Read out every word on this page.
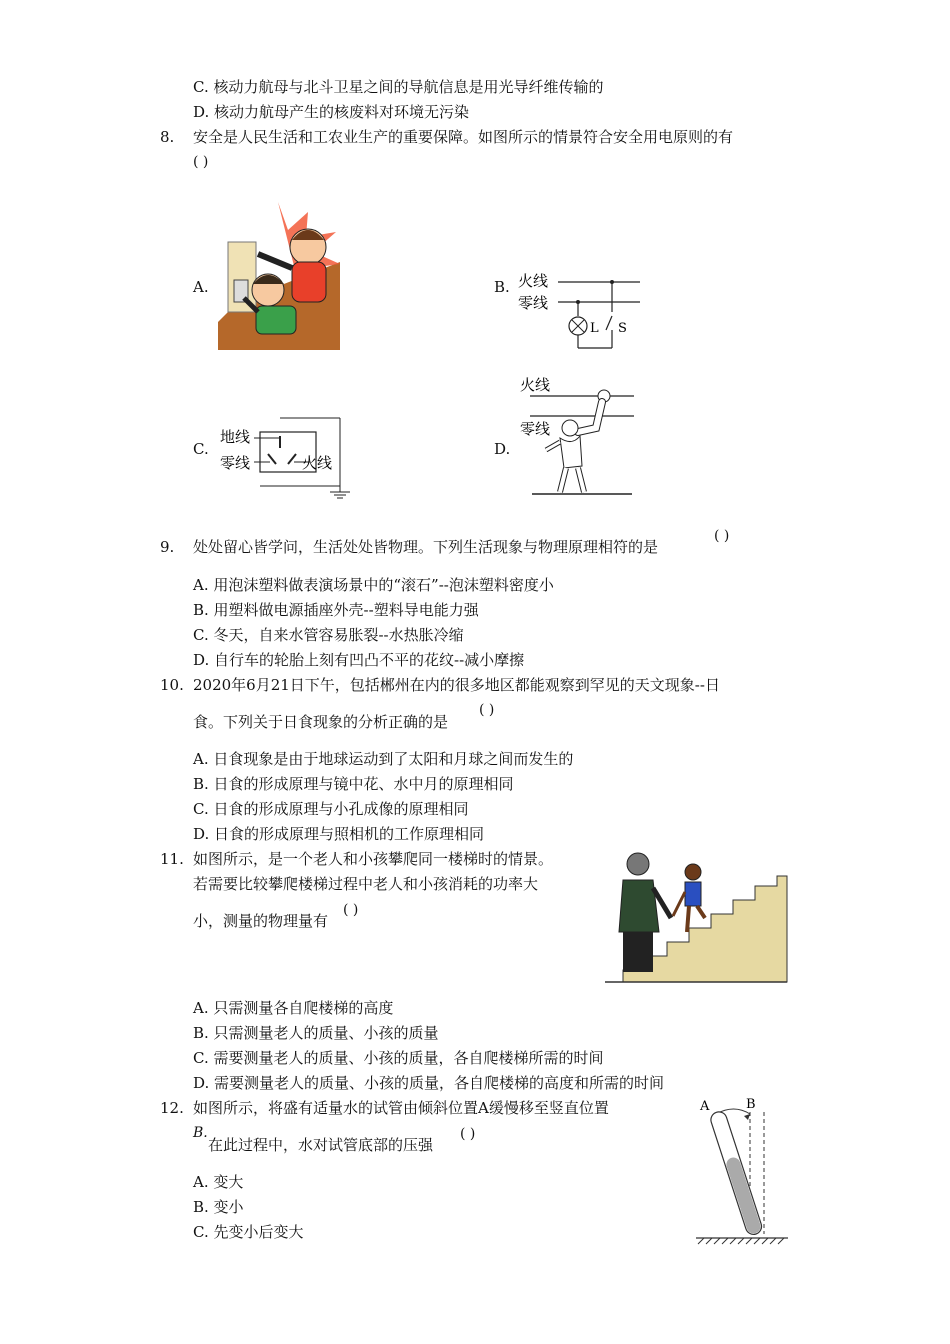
C. 核动力航母与北斗卫星之间的导航信息是用光导纤维传输的
D. 核动力航母产生的核废料对环境无污染
8. 安全是人民生活和工农业生产的重要保障。如图所示的情景符合安全用电原则的有
( )
A.	B. 火线
零线
L S
C.
地线
零线	火线
D.
火线
零线
9. 处处留心皆学问，生活处处皆物理。下列生活现象与物理原理相符的是
( )
A. 用泡沫塑料做表演场景中的“滚石”--泡沫塑料密度小
B. 用塑料做电源插座外壳--塑料导电能力强
C. 冬天，自来水管容易胀裂--水热胀冷缩
D. 自行车的轮胎上刻有凹凸不平的花纹--减小摩擦
10. 2020年6月21日下午，包括郴州在内的很多地区都能观察到罕见的天文现象--日
食。下列关于日食现象的分析正确的是
( )
A. 日食现象是由于地球运动到了太阳和月球之间而发生的
B. 日食的形成原理与镜中花、水中月的原理相同
C. 日食的形成原理与小孔成像的原理相同
D. 日食的形成原理与照相机的工作原理相同
11. 如图所示，是一个老人和小孩攀爬同一楼梯时的情景。
若需要比较攀爬楼梯过程中老人和小孩消耗的功率大
小，测量的物理量有
( )
A. 只需测量各自爬楼梯的高度
B. 只需测量老人的质量、小孩的质量
C. 需要测量老人的质量、小孩的质量，各自爬楼梯所需的时间
D. 需要测量老人的质量、小孩的质量，各自爬楼梯的高度和所需的时间
12. 如图所示，将盛有适量水的试管由倾斜位置A缓慢移至竖直位置
B.
在此过程中，水对试管底部的压强
( )
A. 变大
B. 变小
C. 先变小后变大
A	B
